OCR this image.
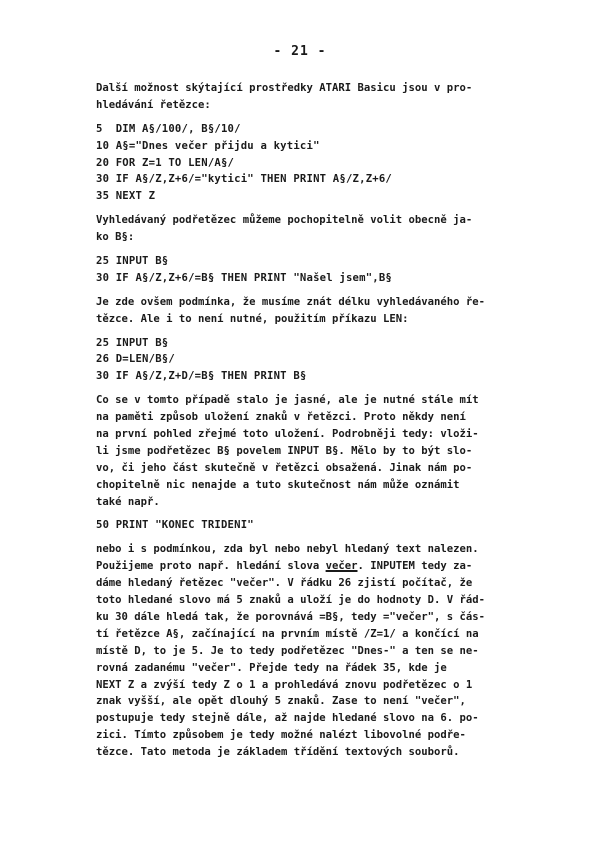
- 21 -
Další možnost skýtající prostředky ATARI Basicu jsou v pro-
hledávání řetězce:
5  DIM A§/100/, B§/10/
10 A§="Dnes večer přijdu a kytici"
20 FOR Z=1 TO LEN/A§/
30 IF A§/Z,Z+6/="kytici" THEN PRINT A§/Z,Z+6/
35 NEXT Z
Vyhledávaný podřetězec můžeme pochopitelně volit obecně ja-
ko B§:
25 INPUT B§
30 IF A§/Z,Z+6/=B§ THEN PRINT "Našel jsem",B§
Je zde ovšem podmínka, že musíme znát délku vyhledávaného ře-
tězce. Ale i to není nutné, použitím příkazu LEN:
25 INPUT B§
26 D=LEN/B§/
30 IF A§/Z,Z+D/=B§ THEN PRINT B§
Co se v tomto případě stalo je jasné, ale je nutné stále mít
na paměti způsob uložení znaků v řetězci. Proto někdy není
na první pohled zřejmé toto uložení. Podrobněji tedy: vloži-
li jsme podřetězec B§ povelem INPUT B§. Mělo by to být slo-
vo, či jeho část skutečně v řetězci obsažená. Jinak nám po-
chopitelně nic nenajde a tuto skutečnost nám může oznámit
také např.
50 PRINT "KONEC TRIDENI"
nebo i s podmínkou, zda byl nebo nebyl hledaný text nalezen.
Použijeme proto např. hledání slova večer. INPUTEM tedy za-
dáme hledaný řetězec "večer". V řádku 26 zjistí počítač, že
toto hledané slovo má 5 znaků a uloží je do hodnoty D. V řád-
ku 30 dále hledá tak, že porovnává =B§, tedy ="večer", s čás-
tí řetězce A§, začínající na prvním místě /Z=1/ a končící na
místě D, to je 5. Je to tedy podřetězec "Dnes-" a ten se ne-
rovná zadanému "večer". Přejde tedy na řádek 35, kde je
NEXT Z a zvýší tedy Z o 1 a prohledává znovu podřetězec o 1
znak vyšší, ale opět dlouhý 5 znaků. Zase to není "večer",
postupuje tedy stejně dále, až najde hledané slovo na 6. po-
zici. Tímto způsobem je tedy možné nalézt libovolné podře-
tězce. Tato metoda je základem třídění textových souborů.
